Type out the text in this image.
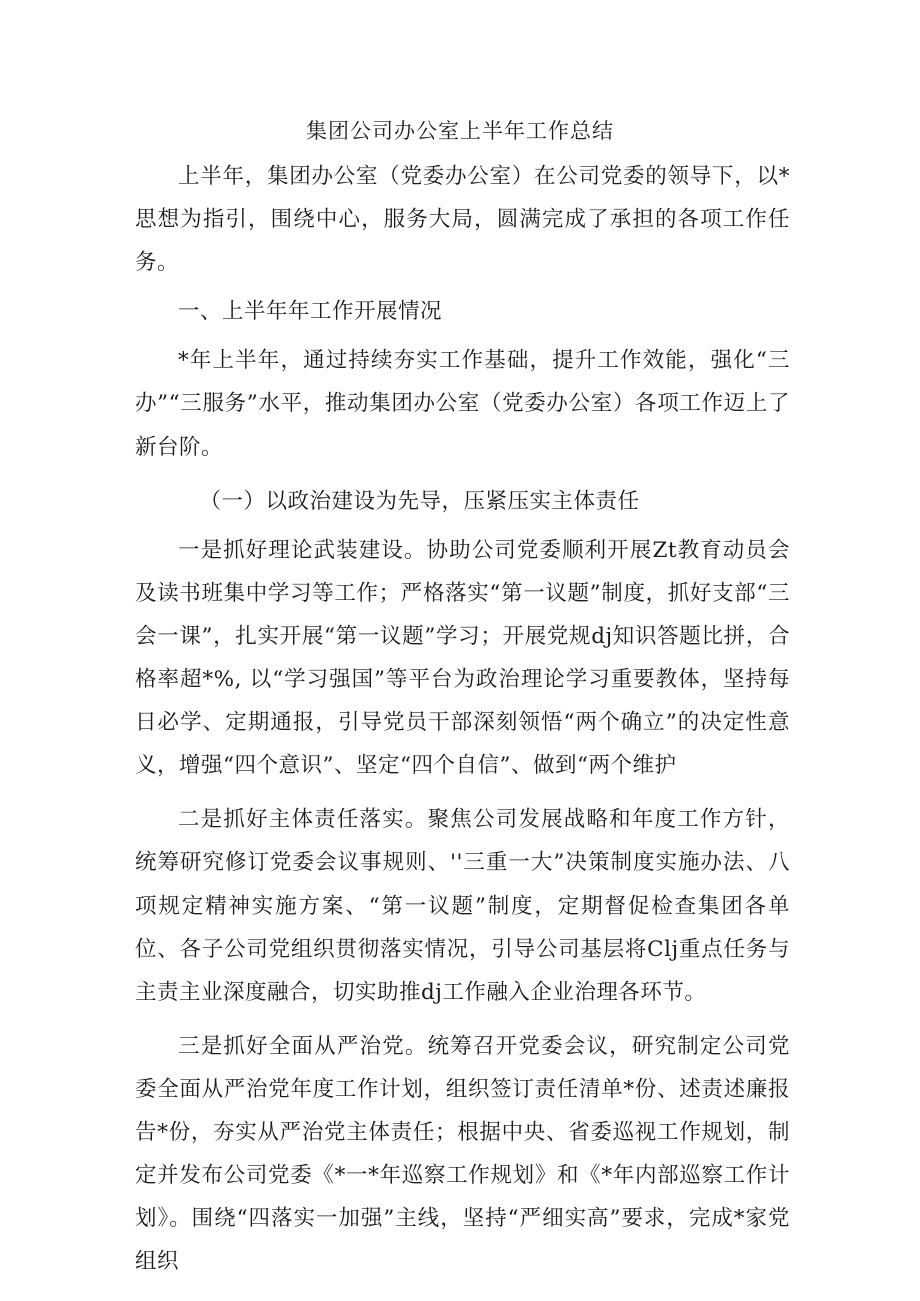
集团公司办公室上半年工作总结

上半年，集团办公室（党委办公室）在公司党委的领导下，以*思想为指引，围绕中心，服务大局，圆满完成了承担的各项工作任务。

一、上半年年工作开展情况

*年上半年，通过持续夯实工作基础，提升工作效能，强化“三办”“三服务”水平，推动集团办公室（党委办公室）各项工作迈上了新台阶。

（一）以政治建设为先导，压紧压实主体责任

一是抓好理论武装建设。协助公司党委顺利开展Zt教育动员会及读书班集中学习等工作；严格落实“第一议题”制度，抓好支部“三会一课”，扎实开展“第一议题”学习；开展党规dj知识答题比拼，合格率超*%, 以“学习强国”等平台为政治理论学习重要教体，坚持每日必学、定期通报，引导党员干部深刻领悟“两个确立”的决定性意义，增强“四个意识”、坚定“四个自信”、做到“两个维护

二是抓好主体责任落实。聚焦公司发展战略和年度工作方针，统筹研究修订党委会议事规则、''三重一大”决策制度实施办法、八项规定精神实施方案、“第一议题”制度，定期督促检查集团各单位、各子公司党组织贯彻落实情况，引导公司基层将Clj重点任务与主责主业深度融合，切实助推dj工作融入企业治理各环节。

三是抓好全面从严治党。统筹召开党委会议，研究制定公司党委全面从严治党年度工作计划，组织签订责任清单*份、述责述廉报告*份，夯实从严治党主体责任；根据中央、省委巡视工作规划，制定并发布公司党委《*一*年巡察工作规划》和《*年内部巡察工作计划》。围绕“四落实一加强”主线，坚持“严细实高”要求，完成*家党组织
